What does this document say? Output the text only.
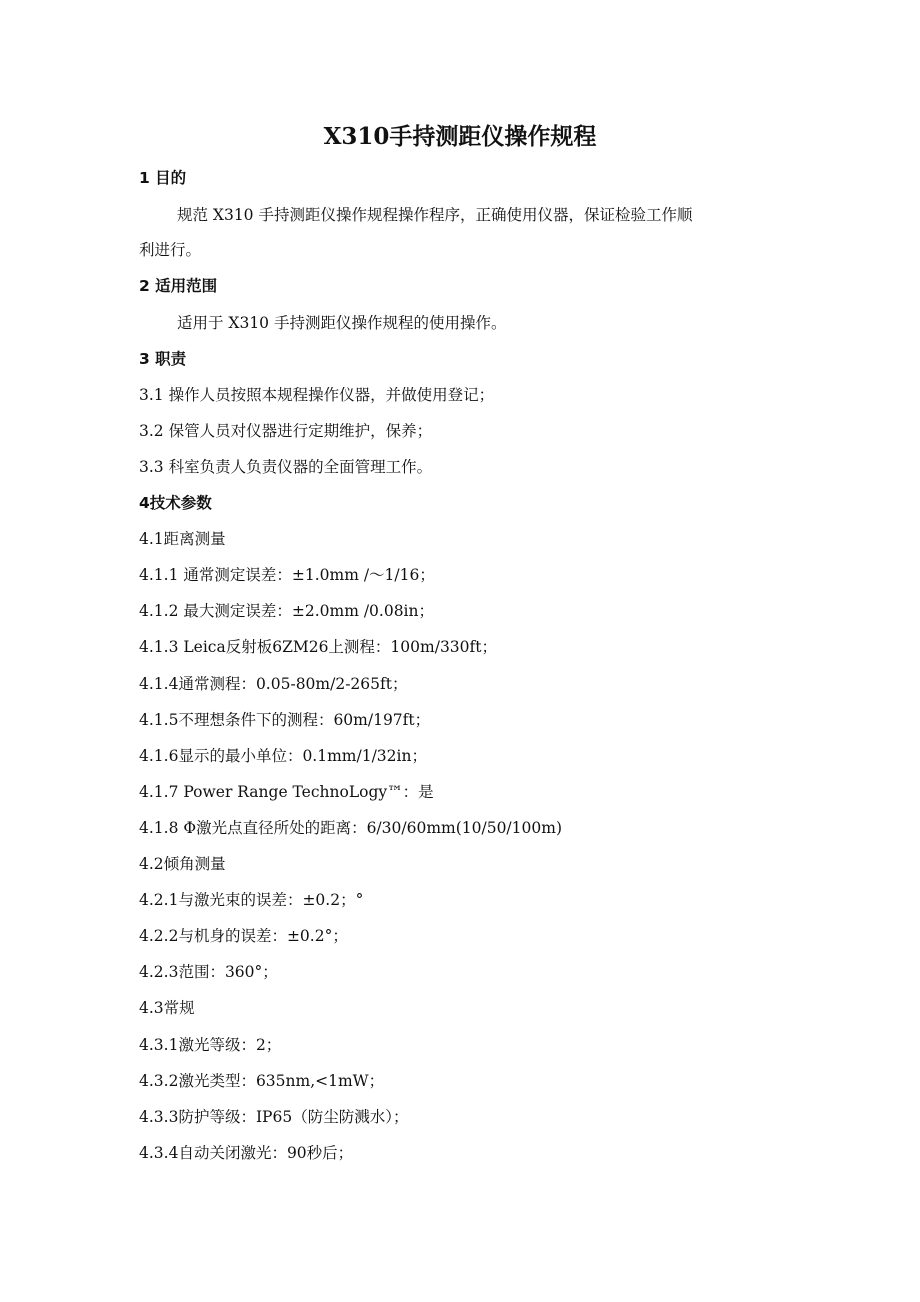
X310手持测距仪操作规程
1 目的
规范 X310 手持测距仪操作规程操作程序，正确使用仪器，保证检验工作顺
利进行。
2 适用范围
适用于 X310 手持测距仪操作规程的使用操作。
3 职责
3.1 操作人员按照本规程操作仪器，并做使用登记；
3.2 保管人员对仪器进行定期维护，保养；
3.3 科室负责人负责仪器的全面管理工作。
4技术参数
4.1距离测量
4.1.1 通常测定误差：±1.0mm /～1/16；
4.1.2 最大测定误差：±2.0mm /0.08in；
4.1.3 Leica反射板6ZM26上测程：100m/330ft；
4.1.4通常测程：0.05-80m/2-265ft；
4.1.5不理想条件下的测程：60m/197ft；
4.1.6显示的最小单位：0.1mm/1/32in；
4.1.7 Power Range TechnoLogy™：是
4.1.8 Φ激光点直径所处的距离：6/30/60mm(10/50/100m)
4.2倾角测量
4.2.1与激光束的误差：±0.2；°
4.2.2与机身的误差：±0.2°；
4.2.3范围：360°；
4.3常规
4.3.1激光等级：2；
4.3.2激光类型：635nm,<1mW；
4.3.3防护等级：IP65（防尘防溅水）；
4.3.4自动关闭激光：90秒后；
